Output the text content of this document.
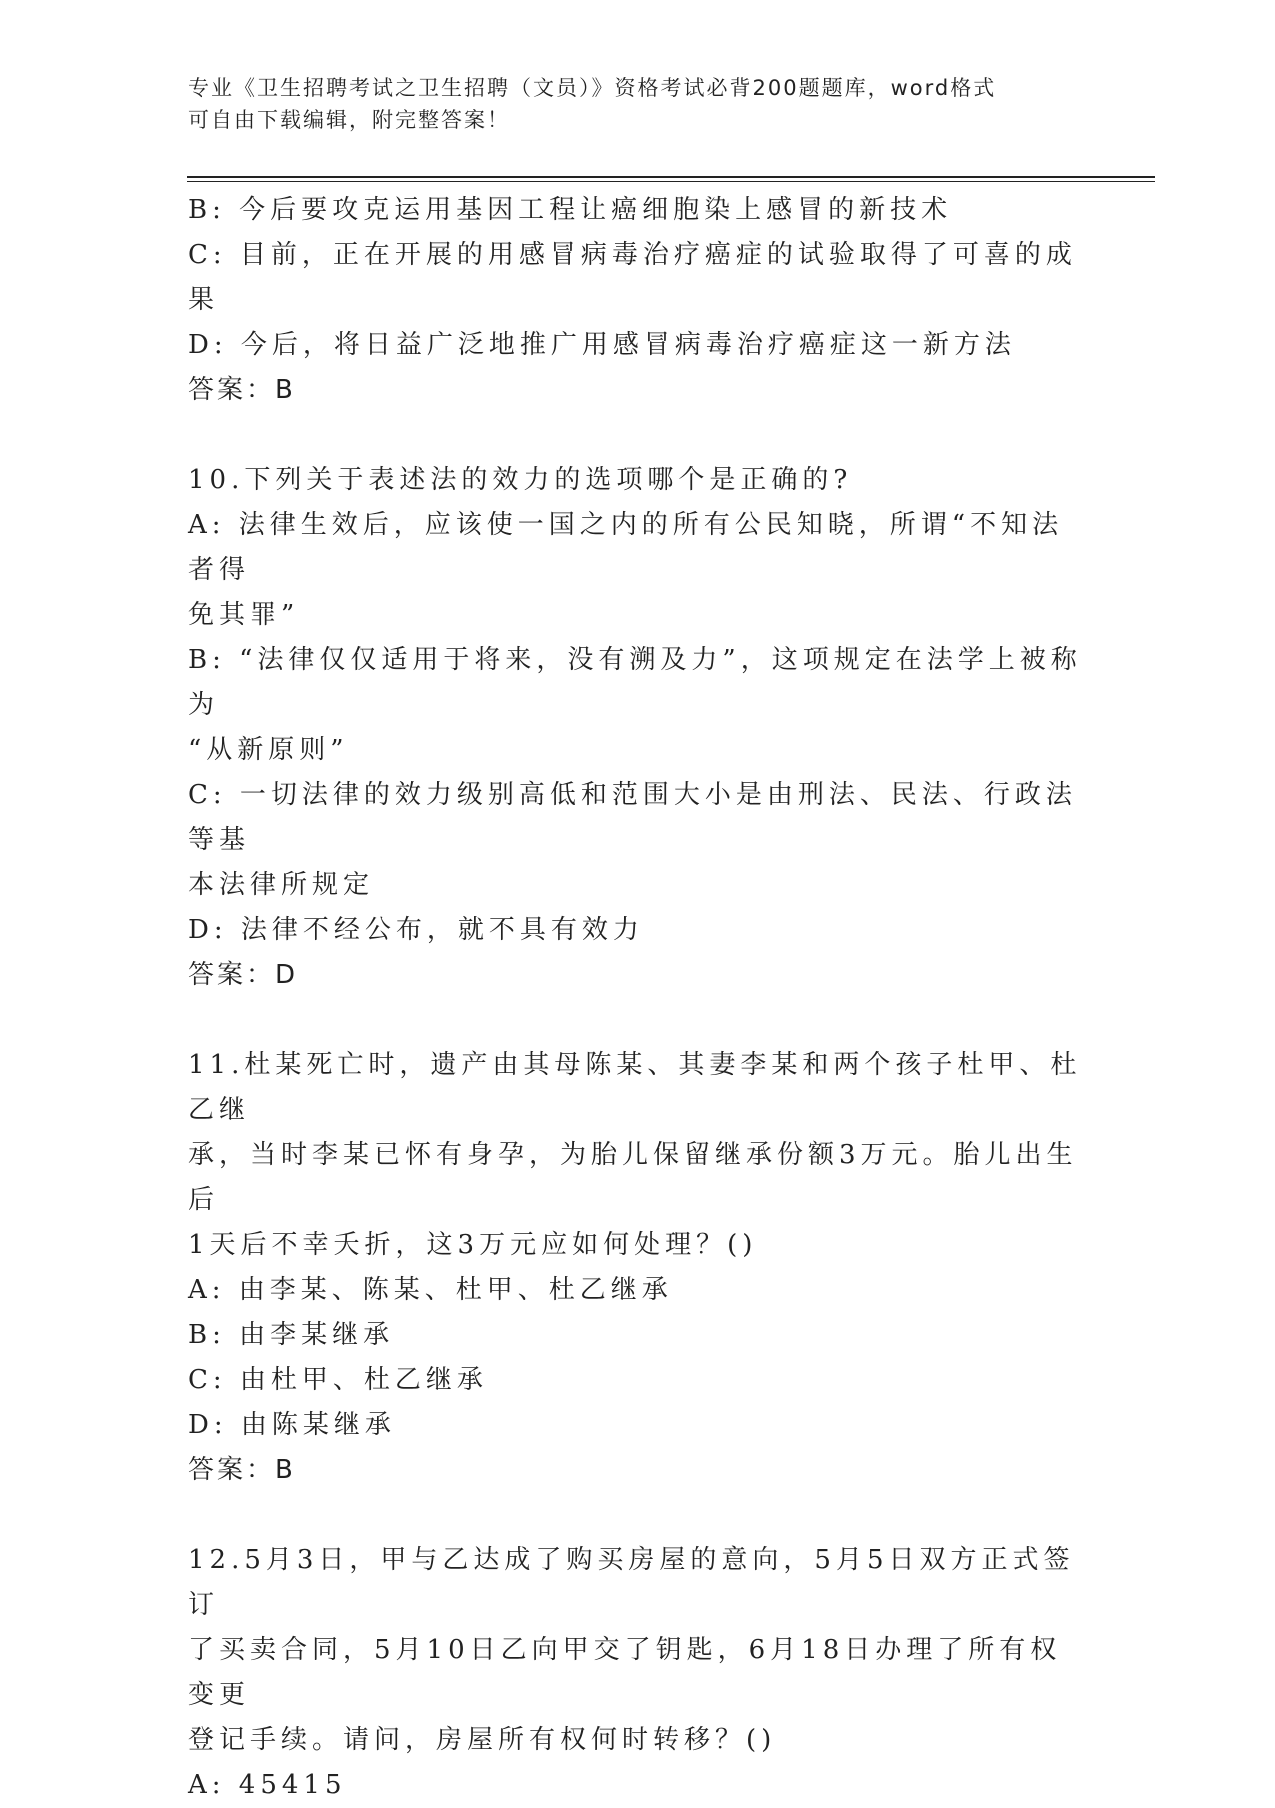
专业《卫生招聘考试之卫生招聘（文员）》资格考试必背200题题库，word格式
可自由下载编辑，附完整答案！
B: 今后要攻克运用基因工程让癌细胞染上感冒的新技术
C: 目前，正在开展的用感冒病毒治疗癌症的试验取得了可喜的成果
D: 今后，将日益广泛地推广用感冒病毒治疗癌症这一新方法
答案：B
10.下列关于表述法的效力的选项哪个是正确的?
A: 法律生效后，应该使一国之内的所有公民知晓，所谓“不知法者得
免其罪”
B: “法律仅仅适用于将来，没有溯及力”，这项规定在法学上被称为
“从新原则”
C: 一切法律的效力级别高低和范围大小是由刑法、民法、行政法等基
本法律所规定
D: 法律不经公布，就不具有效力
答案：D
11.杜某死亡时，遗产由其母陈某、其妻李某和两个孩子杜甲、杜乙继
承，当时李某已怀有身孕，为胎儿保留继承份额3万元。胎儿出生后
1天后不幸夭折，这3万元应如何处理？()
A: 由李某、陈某、杜甲、杜乙继承
B: 由李某继承
C: 由杜甲、杜乙继承
D: 由陈某继承
答案：B
12.5月3日，甲与乙达成了购买房屋的意向，5月5日双方正式签订
了买卖合同，5月10日乙向甲交了钥匙，6月18日办理了所有权变更
登记手续。请问，房屋所有权何时转移？()
A: 45415
